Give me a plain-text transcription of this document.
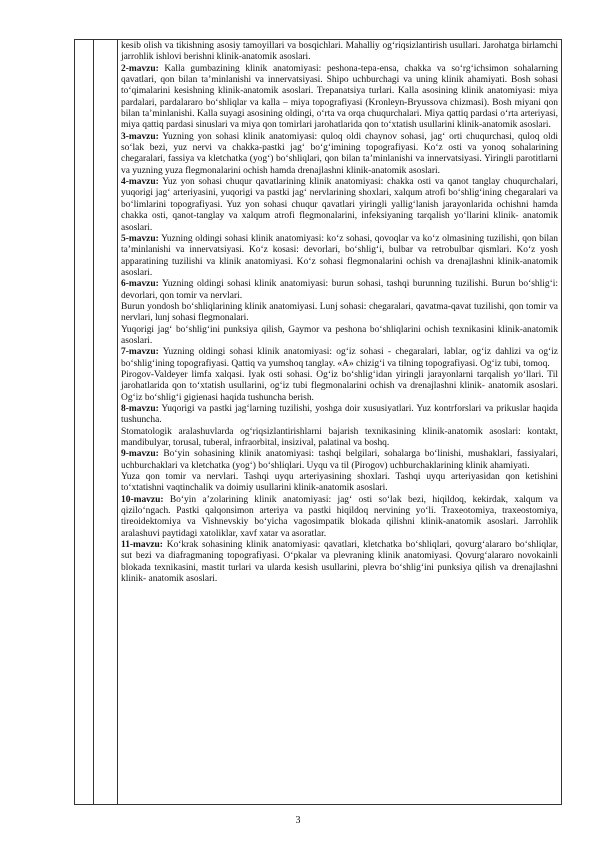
kesib olish va tikishning asosiy tamoyillari va bosqichlari. Mahalliy og‘riqsizlantirish usullari. Jarohatga birlamchi jarrohlik ishlovi berishni klinik-anatomik asoslari.

2-mavzu: Kalla gumbazining klinik anatomiyasi: peshona-tepa-ensa, chakka va so‘rg‘ichsimon sohalarning qavatlari, qon bilan ta’minlanishi va innervatsiyasi. Shipo uchburchagi va uning klinik ahamiyati. Bosh sohasi to‘qimalarini kesishning klinik-anatomik asoslari. Trepanatsiya turlari. Kalla asosining klinik anatomiyasi: miya pardalari, pardalararo bo‘shliqlar va kalla – miya topografiyasi (Kronleyn-Bryussova chizmasi). Bosh miyani qon bilan ta’minlanishi. Kalla suyagi asosining oldingi, o‘rta va orqa chuqurchalari. Miya qattiq pardasi o‘rta arteriyasi, miya qattiq pardasi sinuslari va miya qon tomirlari jarohatlarida qon to‘xtatish usullarini klinik-anatomik asoslari.

3-mavzu: Yuzning yon sohasi klinik anatomiyasi: quloq oldi chaynov sohasi, jag‘ orti chuqurchasi, quloq oldi so‘lak bezi, yuz nervi va chakka-pastki jag‘ bo‘g‘imining topografiyasi. Ko‘z osti va yonoq sohalarining chegaralari, fassiya va kletchatka (yog‘) bo‘shliqlari, qon bilan ta’minlanishi va innervatsiyasi. Yiringli parotitlarni va yuzning yuza flegmonalarini ochish hamda drenajlashni klinik-anatomik asoslari.

4-mavzu: Yuz yon sohasi chuqur qavatlarining klinik anatomiyasi: chakka osti va qanot tanglay chuqurchalari, yuqorigi jag‘ arteriyasini, yuqorigi va pastki jag‘ nervlarining shoxlari, xalqum atrofi bo‘shlig‘ining chegaralari va bo‘limlarini topografiyasi. Yuz yon sohasi chuqur qavatlari yiringli yallig‘lanish jarayonlarida ochishni hamda chakka osti, qanot-tanglay va xalqum atrofi flegmonalarini, infeksiyaning tarqalish yo‘llarini klinik- anatomik asoslari.

5-mavzu: Yuzning oldingi sohasi klinik anatomiyasi: ko‘z sohasi, qovoqlar va ko‘z olmasining tuzilishi, qon bilan ta’minlanishi va innervatsiyasi. Ko‘z kosasi: devorlari, bo‘shlig‘i, bulbar va retrobulbar qismlari. Ko‘z yosh apparatining tuzilishi va klinik anatomiyasi. Ko‘z sohasi flegmonalarini ochish va drenajlashni klinik-anatomik asoslari.

6-mavzu: Yuzning oldingi sohasi klinik anatomiyasi: burun sohasi, tashqi burunning tuzilishi. Burun bo‘shlig‘i: devorlari, qon tomir va nervlari.

Burun yondosh bo‘shliqlarining klinik anatomiyasi. Lunj sohasi: chegaralari, qavatma-qavat tuzilishi, qon tomir va nervlari, lunj sohasi flegmonalari.

Yuqorigi jag‘ bo‘shlig‘ini punksiya qilish, Gaymor va peshona bo‘shliqlarini ochish texnikasini klinik-anatomik asoslari.

7-mavzu: Yuzning oldingi sohasi klinik anatomiyasi: og‘iz sohasi - chegaralari, lablar, og‘iz dahlizi va og‘iz bo‘shlig‘ining topografiyasi. Qattiq va yumshoq tanglay. «A» chizig‘i va tilning topografiyasi. Og‘iz tubi, tomoq.

Pirogov-Valdeyer limfa xalqasi. Iyak osti sohasi. Og‘iz bo‘shlig‘idan yiringli jarayonlarni tarqalish yo‘llari. Til jarohatlarida qon to‘xtatish usullarini, og‘iz tubi flegmonalarini ochish va drenajlashni klinik- anatomik asoslari. Og‘iz bo‘shlig‘i gigienasi haqida tushuncha berish.

8-mavzu: Yuqorigi va pastki jag‘larning tuzilishi, yoshga doir xususiyatlari. Yuz kontrforslari va prikuslar haqida tushuncha.

Stomatologik aralashuvlarda og‘riqsizlantirishlarni bajarish texnikasining klinik-anatomik asoslari: kontakt, mandibulyar, torusal, tuberal, infraorbital, insizival, palatinal va boshq.

9-mavzu: Bo‘yin sohasining klinik anatomiyasi: tashqi belgilari, sohalarga bo‘linishi, mushaklari, fassiyalari, uchburchaklari va kletchatka (yog‘) bo‘shliqlari. Uyqu va til (Pirogov) uchburchaklarining klinik ahamiyati.

Yuza qon tomir va nervlari. Tashqi uyqu arteriyasining shoxlari. Tashqi uyqu arteriyasidan qon ketishini to‘xtatishni vaqtinchalik va doimiy usullarini klinik-anatomik asoslari.

10-mavzu: Bo‘yin a’zolarining klinik anatomiyasi: jag‘ osti so‘lak bezi, hiqildoq, kekirdak, xalqum va qizilo‘ngach. Pastki qalqonsimon arteriya va pastki hiqildoq nervining yo‘li. Traxeotomiya, traxeostomiya, tireoidektomiya va Vishnevskiy bo‘yicha vagosimpatik blokada qilishni klinik-anatomik asoslari. Jarrohlik aralashuvi paytidagi xatoliklar, xavf xatar va asoratlar.

11-mavzu: Ko‘krak sohasining klinik anatomiyasi: qavatlari, kletchatka bo‘shliqlari, qovurg‘alararo bo‘shliqlar, sut bezi va diafragmaning topografiyasi. O‘pkalar va plevraning klinik anatomiyasi. Qovurg‘alararo novokainli blokada texnikasini, mastit turlari va ularda kesish usullarini, plevra bo‘shlig‘ini punksiya qilish va drenajlashni klinik- anatomik asoslari.

3
